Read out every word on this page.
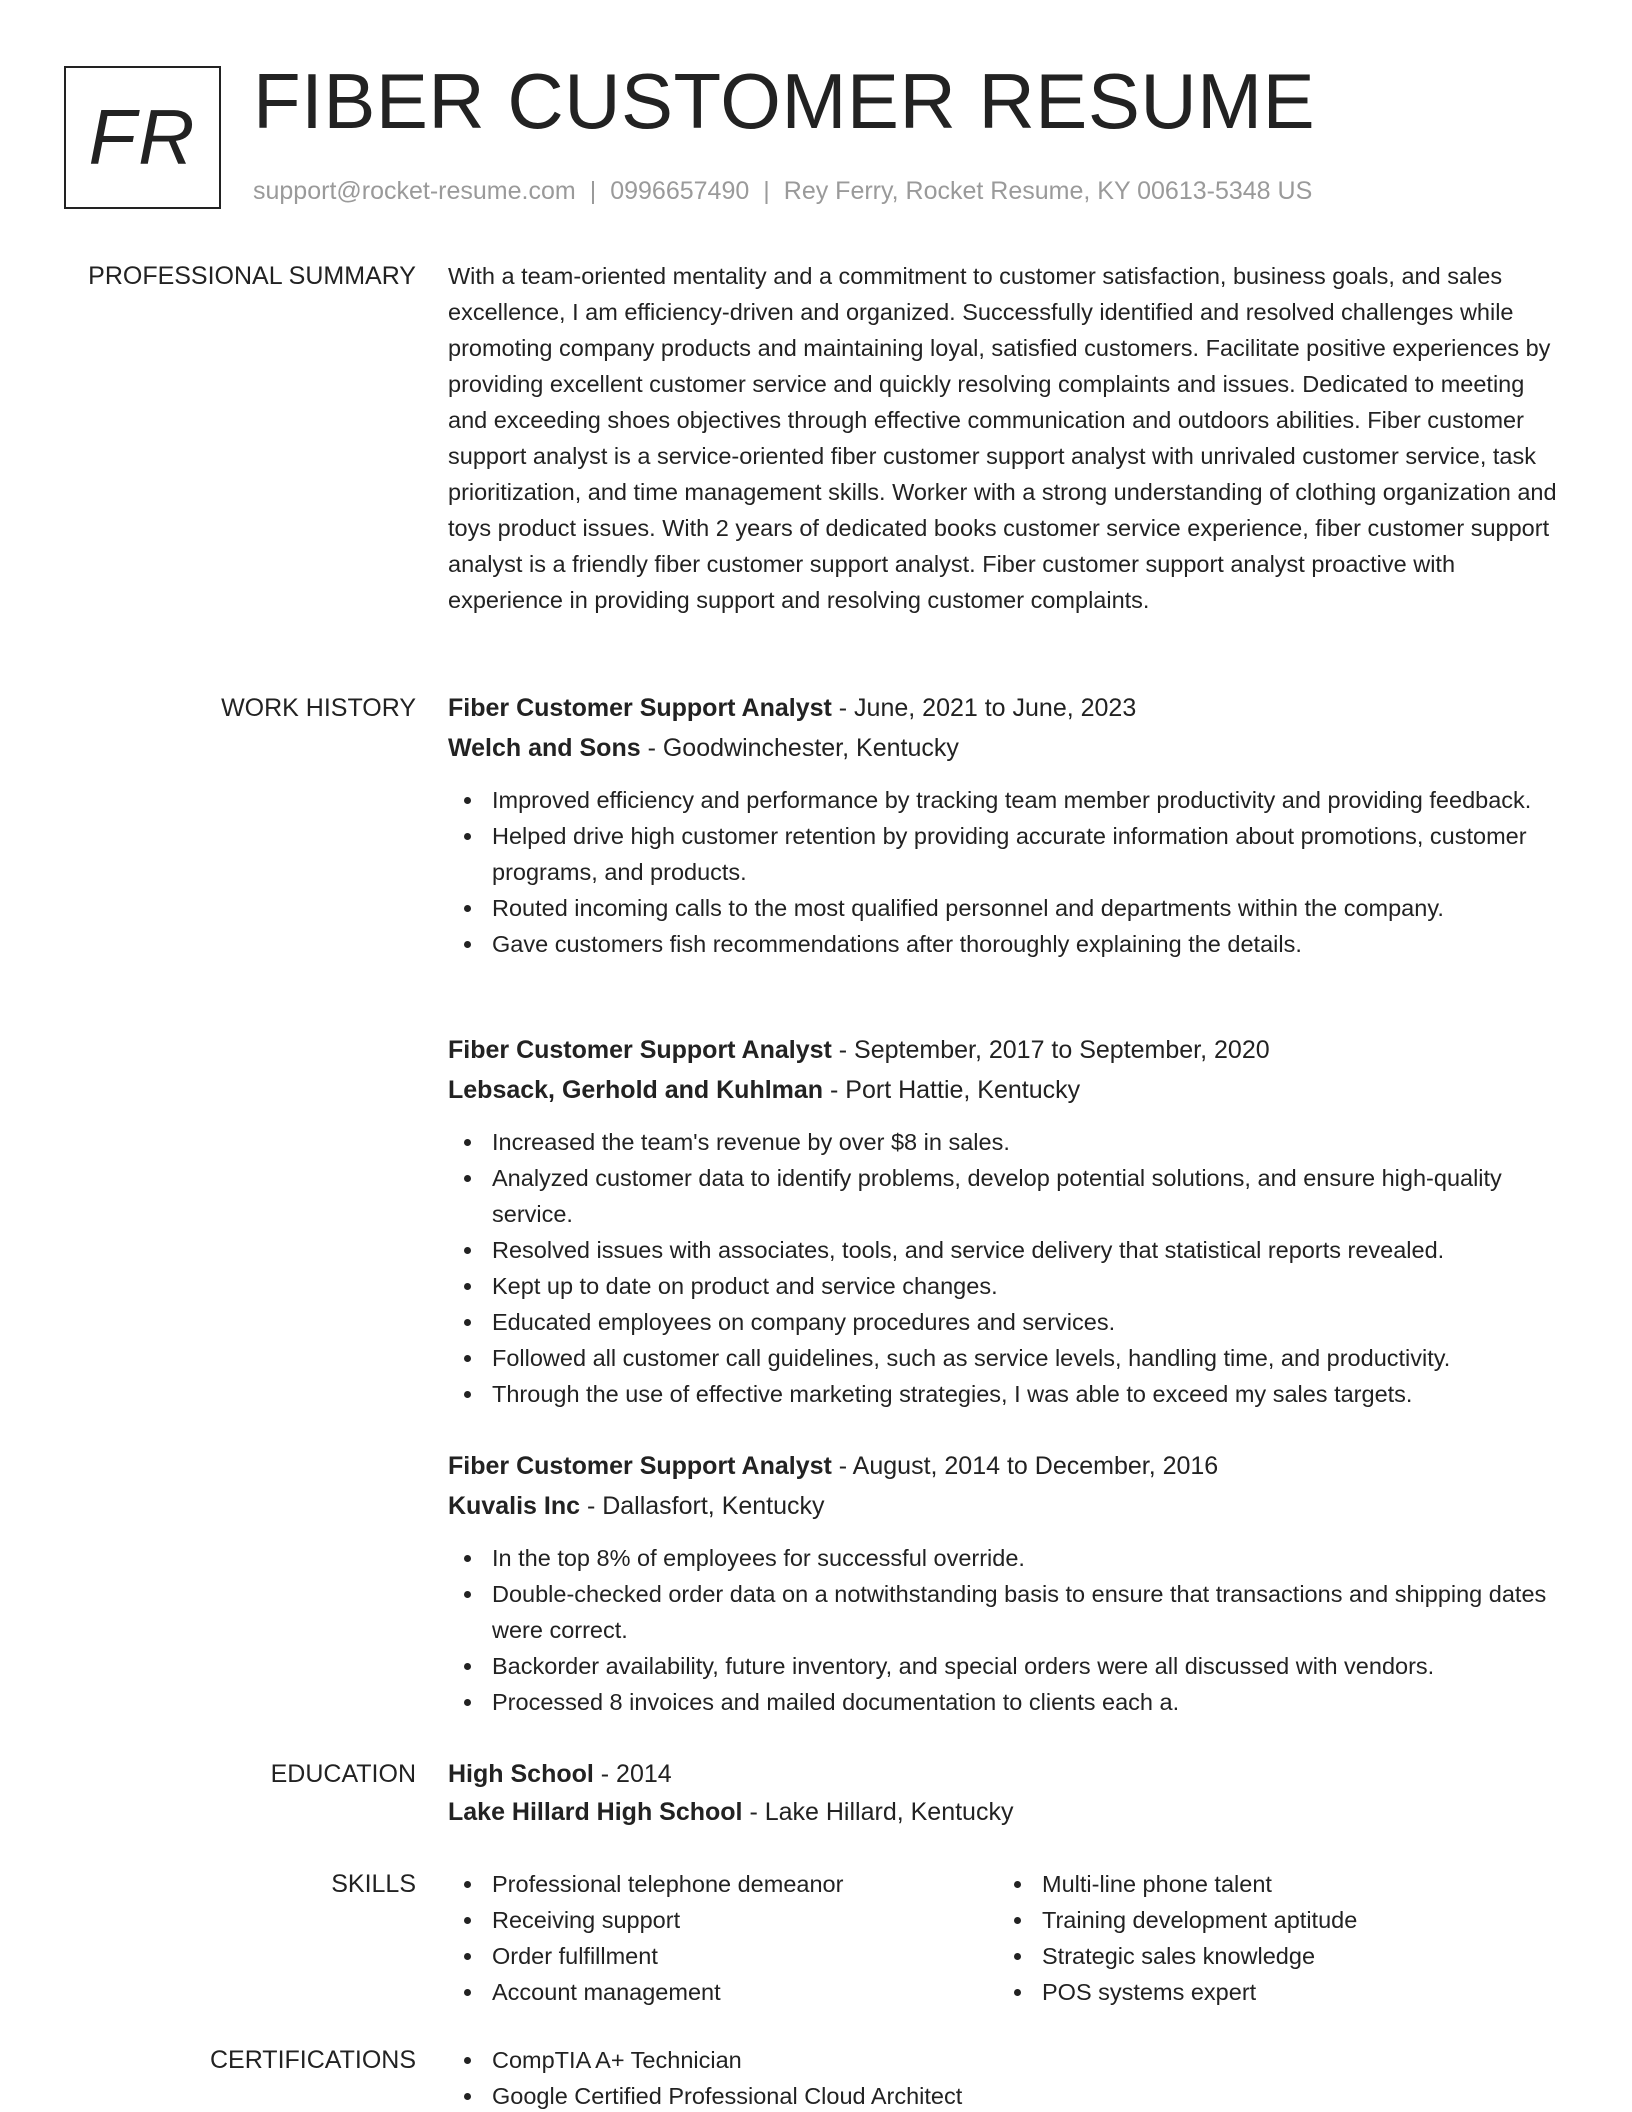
FR FIBER CUSTOMER RESUME
support@rocket-resume.com | 0996657490 | Rey Ferry, Rocket Resume, KY 00613-5348 US
PROFESSIONAL SUMMARY With a team-oriented mentality and a commitment to customer satisfaction, business goals, and sales excellence, I am efficiency-driven and organized. Successfully identified and resolved challenges while promoting company products and maintaining loyal, satisfied customers. Facilitate positive experiences by providing excellent customer service and quickly resolving complaints and issues. Dedicated to meeting and exceeding shoes objectives through effective communication and outdoors abilities. Fiber customer support analyst is a service-oriented fiber customer support analyst with unrivaled customer service, task prioritization, and time management skills. Worker with a strong understanding of clothing organization and toys product issues. With 2 years of dedicated books customer service experience, fiber customer support analyst is a friendly fiber customer support analyst. Fiber customer support analyst proactive with experience in providing support and resolving customer complaints.
WORK HISTORY Fiber Customer Support Analyst - June, 2021 to June, 2023
Welch and Sons - Goodwinchester, Kentucky
Improved efficiency and performance by tracking team member productivity and providing feedback.
Helped drive high customer retention by providing accurate information about promotions, customer programs, and products.
Routed incoming calls to the most qualified personnel and departments within the company.
Gave customers fish recommendations after thoroughly explaining the details.
Fiber Customer Support Analyst - September, 2017 to September, 2020
Lebsack, Gerhold and Kuhlman - Port Hattie, Kentucky
Increased the team's revenue by over $8 in sales.
Analyzed customer data to identify problems, develop potential solutions, and ensure high-quality service.
Resolved issues with associates, tools, and service delivery that statistical reports revealed.
Kept up to date on product and service changes.
Educated employees on company procedures and services.
Followed all customer call guidelines, such as service levels, handling time, and productivity.
Through the use of effective marketing strategies, I was able to exceed my sales targets.
Fiber Customer Support Analyst - August, 2014 to December, 2016
Kuvalis Inc - Dallasfort, Kentucky
In the top 8% of employees for successful override.
Double-checked order data on a notwithstanding basis to ensure that transactions and shipping dates were correct.
Backorder availability, future inventory, and special orders were all discussed with vendors.
Processed 8 invoices and mailed documentation to clients each a.
EDUCATION High School - 2014
Lake Hillard High School - Lake Hillard, Kentucky
SKILLS	Professional telephone demeanor
Receiving support
Order fulfillment
Account management
Multi-line phone talent
Training development aptitude
Strategic sales knowledge
POS systems expert
CERTIFICATIONS	CompTIA A+ Technician
Google Certified Professional Cloud Architect
